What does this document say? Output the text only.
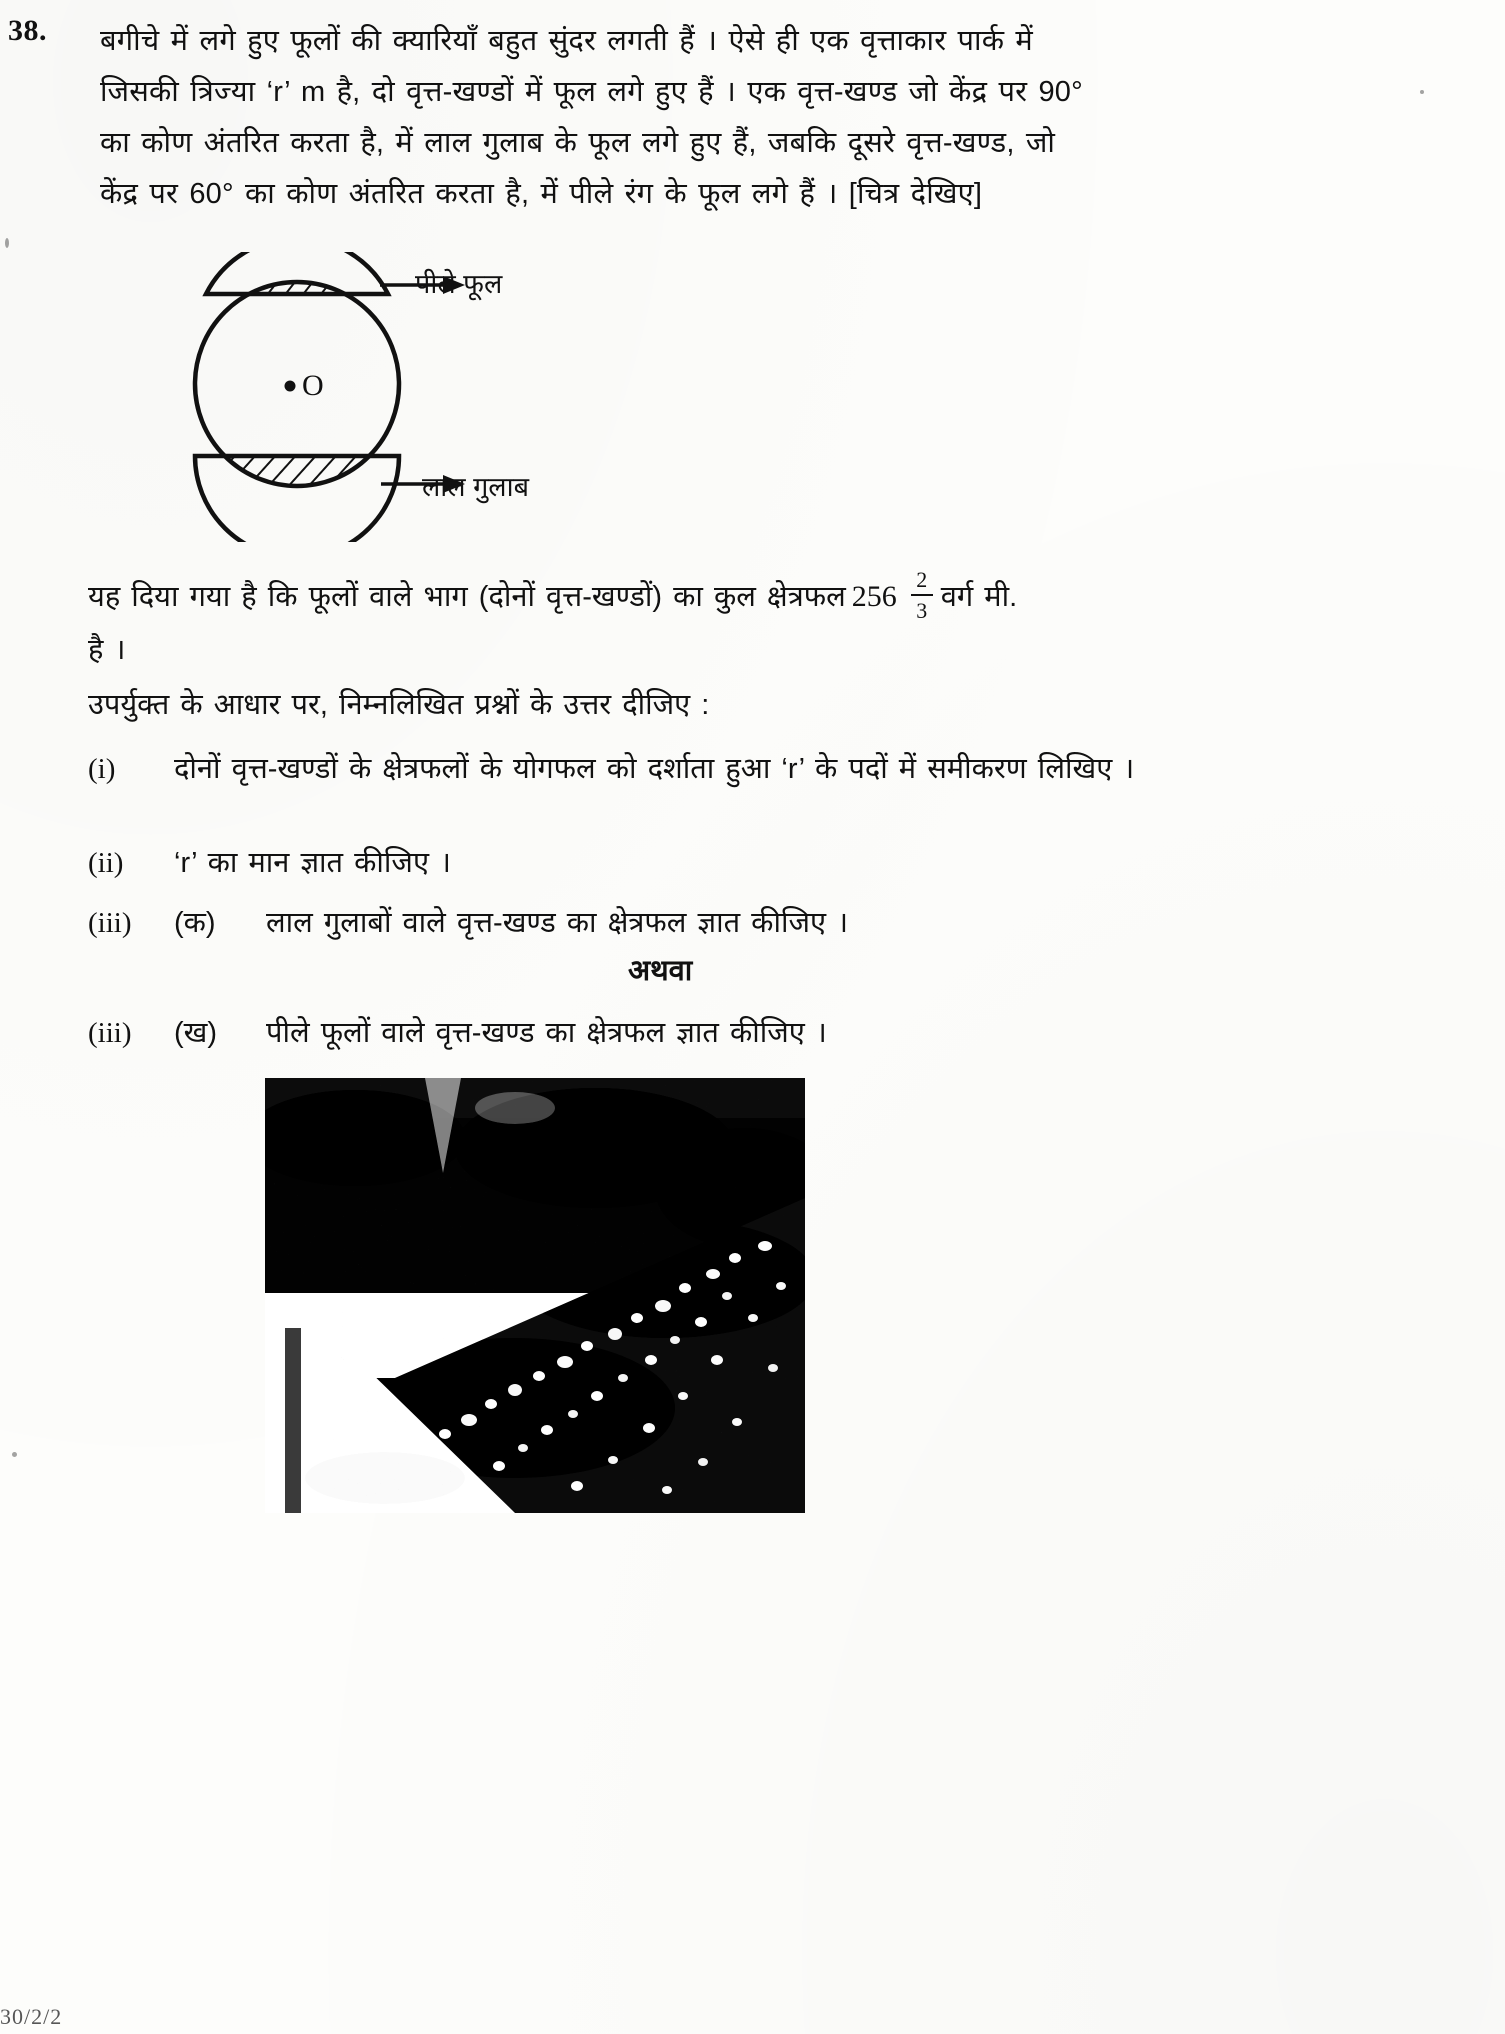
38. बगीचे में लगे हुए फूलों की क्यारियाँ बहुत सुंदर लगती हैं । ऐसे ही एक वृत्ताकार पार्क में
जिसकी त्रिज्या ‘r’ m है, दो वृत्त-खण्डों में फूल लगे हुए हैं । एक वृत्त-खण्ड जो केंद्र पर 90°
का कोण अंतरित करता है, में लाल गुलाब के फूल लगे हुए हैं, जबकि दूसरे वृत्त-खण्ड, जो
केंद्र पर 60° का कोण अंतरित करता है, में पीले रंग के फूल लगे हैं । [चित्र देखिए]
O
पीले फूल
लाल गुलाब
यह दिया गया है कि फूलों वाले भाग (दोनों वृत्त-खण्डों) का कुल क्षेत्रफल $256 \frac{2}{3}$ वर्ग मी.
है ।
उपर्युक्त के आधार पर, निम्नलिखित प्रश्नों के उत्तर दीजिए :
(i)	दोनों वृत्त-खण्डों के क्षेत्रफलों के योगफल को दर्शाता हुआ ‘r’ के पदों में समीकरण लिखिए ।
(ii)	‘r’ का मान ज्ञात कीजिए ।
(iii)	(क)	लाल गुलाबों वाले वृत्त-खण्ड का क्षेत्रफल ज्ञात कीजिए ।
अथवा
(iii)	(ख)	पीले फूलों वाले वृत्त-खण्ड का क्षेत्रफल ज्ञात कीजिए ।
30/2/2
